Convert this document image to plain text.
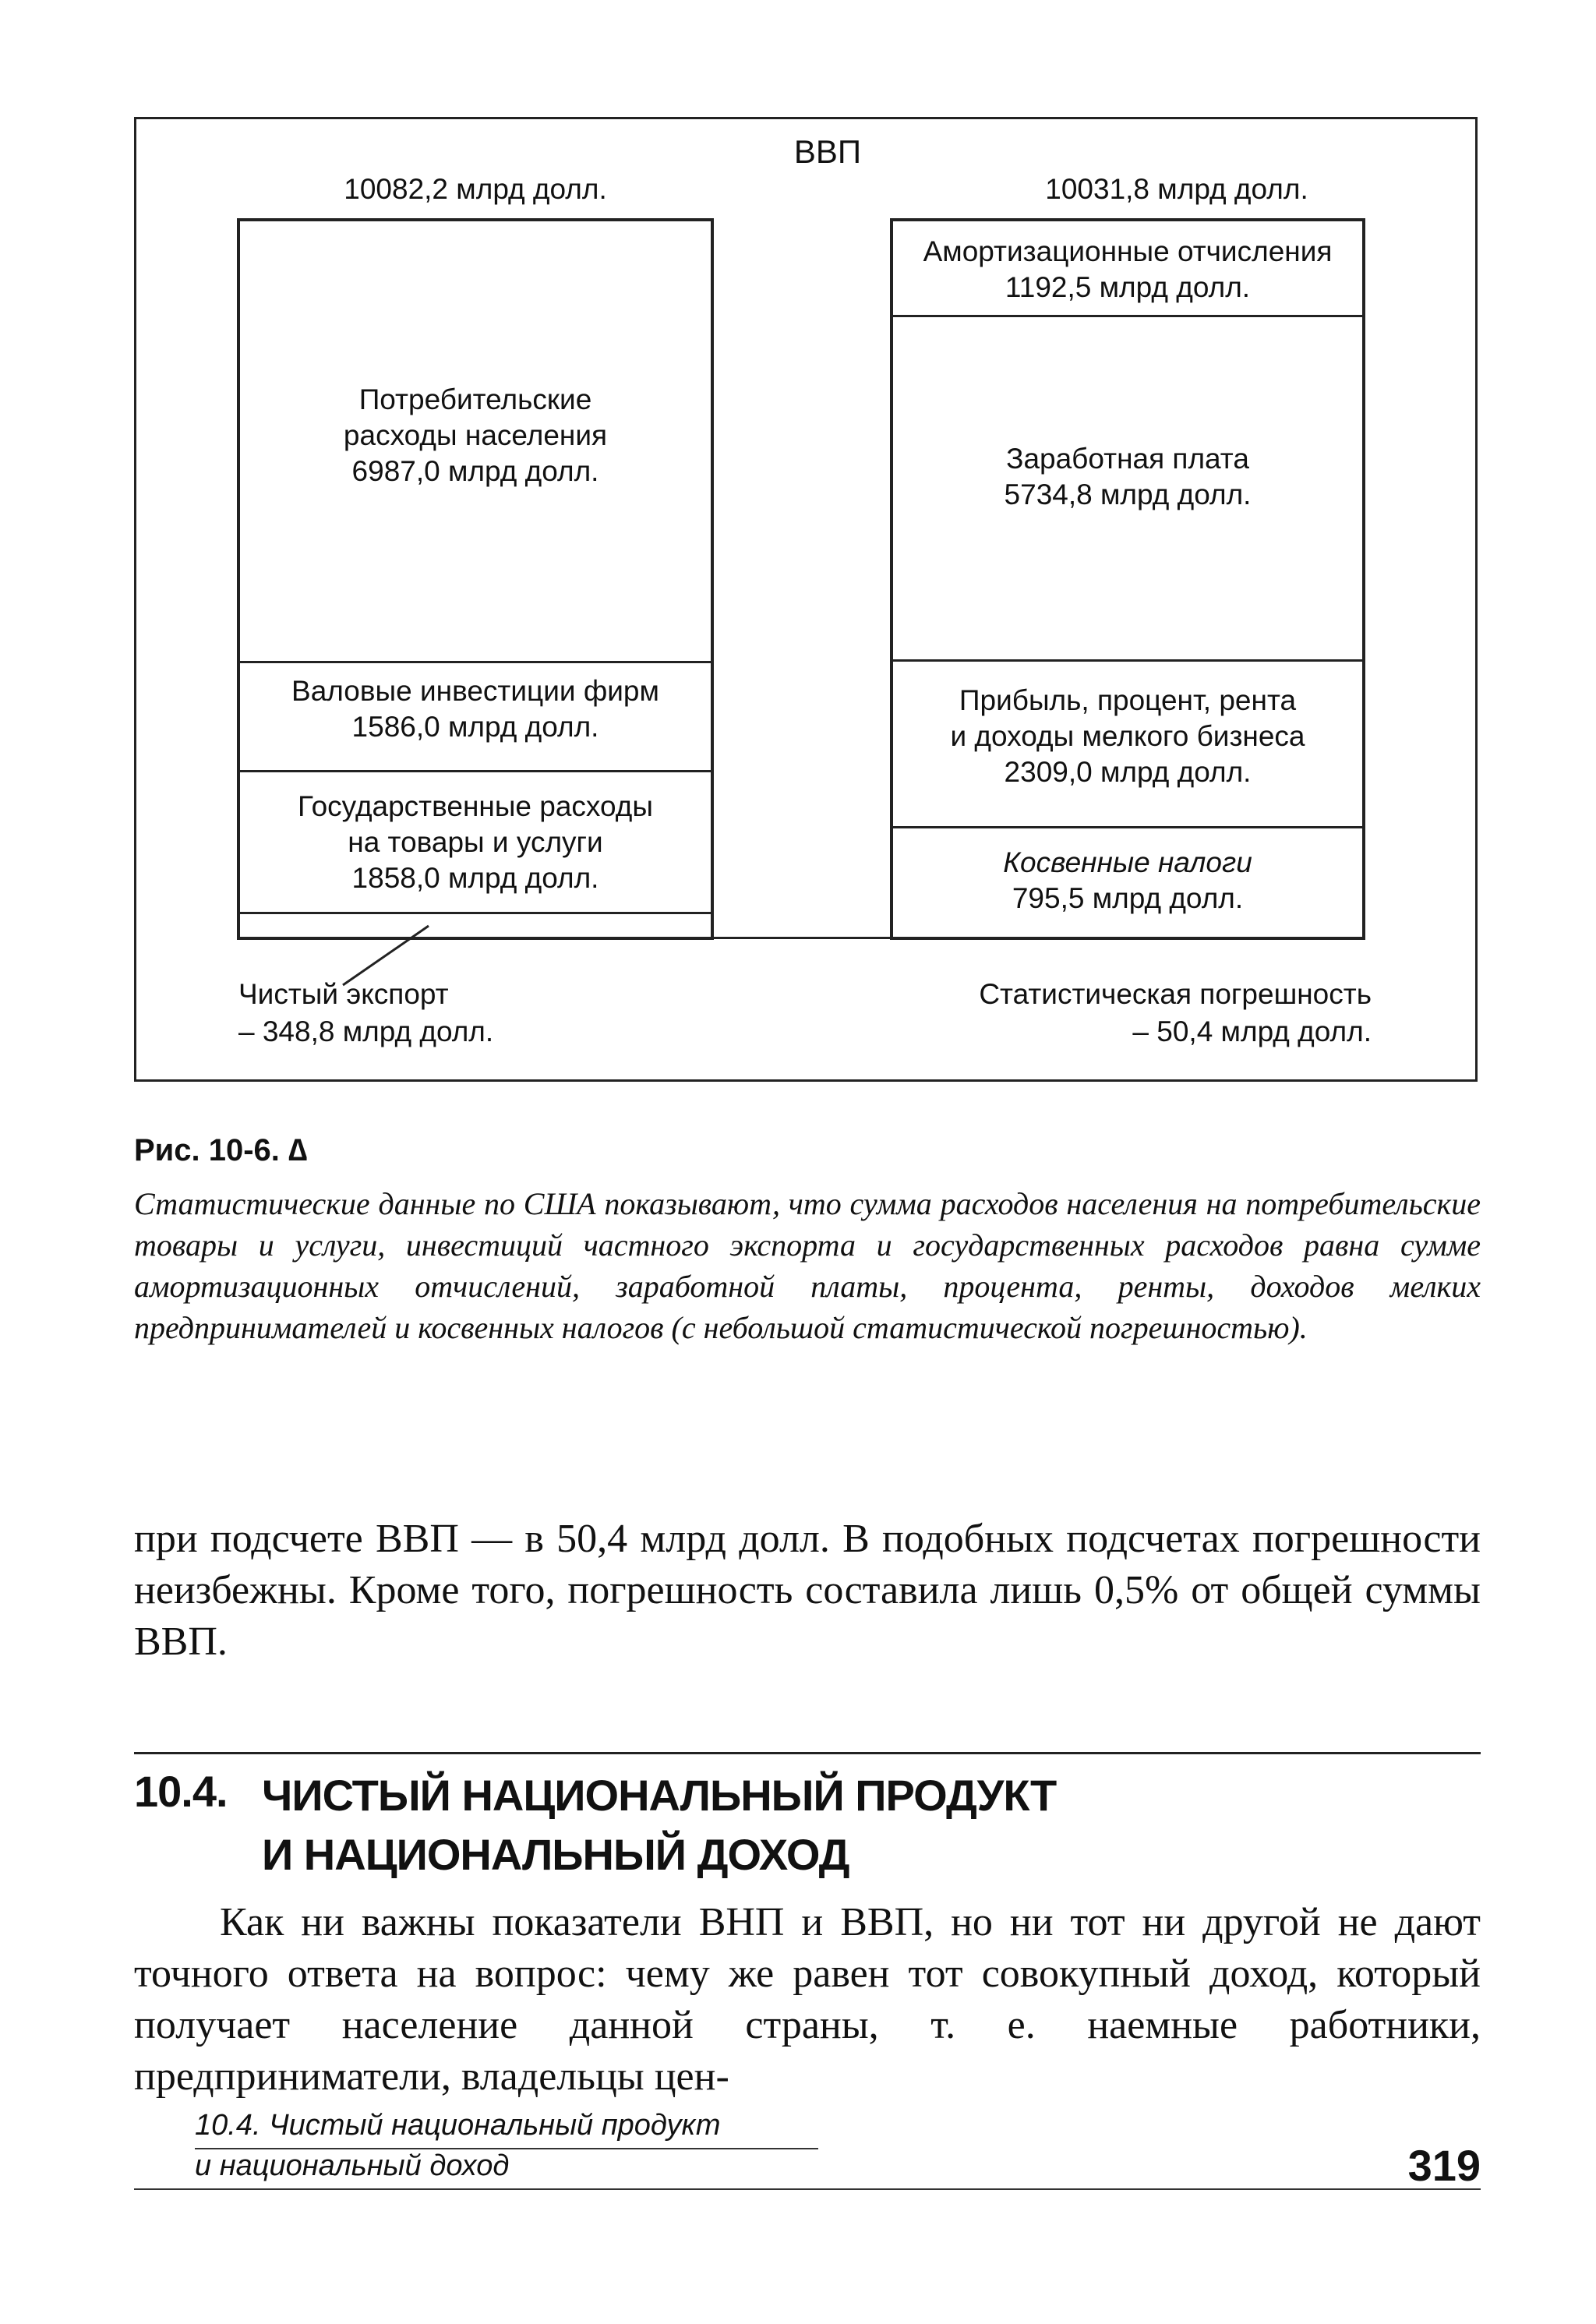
ВВП
10082,2 млрд долл.	10031,8 млрд долл.
Потребительские
расходы населения
6987,0 млрд долл.
Валовые инвестиции фирм
1586,0 млрд долл.
Государственные расходы
на товары и услуги
1858,0 млрд долл.
Амортизационные отчисления
1192,5 млрд долл.
Заработная плата
5734,8 млрд долл.
Прибыль, процент, рента
и доходы мелкого бизнеса
2309,0 млрд долл.
Косвенные налоги
795,5 млрд долл.
Чистый экспорт
– 348,8 млрд долл.
Статистическая погрешность
– 50,4 млрд долл.
Рис. 10-6. ∆
Статистические данные по США показывают, что сумма расходов населения на потребительские товары и услуги, инвестиций частного экспорта и государственных расходов равна сумме амортизационных отчислений, заработной платы, процента, ренты, доходов мелких предпринимателей и косвенных налогов (с небольшой статистической погрешностью).
при подсчете ВВП — в 50,4 млрд долл. В подобных подсчетах погрешности неизбежны. Кроме того, погрешность составила лишь 0,5% от общей суммы ВВП.
10.4. ЧИСТЫЙ НАЦИОНАЛЬНЫЙ ПРОДУКТ
И НАЦИОНАЛЬНЫЙ ДОХОД
Как ни важны показатели ВНП и ВВП, но ни тот ни другой не дают точного ответа на вопрос: чему же равен тот совокупный доход, который получает население данной страны, т. е. наемные работники, предприниматели, владельцы цен-
10.4. Чистый национальный продукт
и национальный доход	319
